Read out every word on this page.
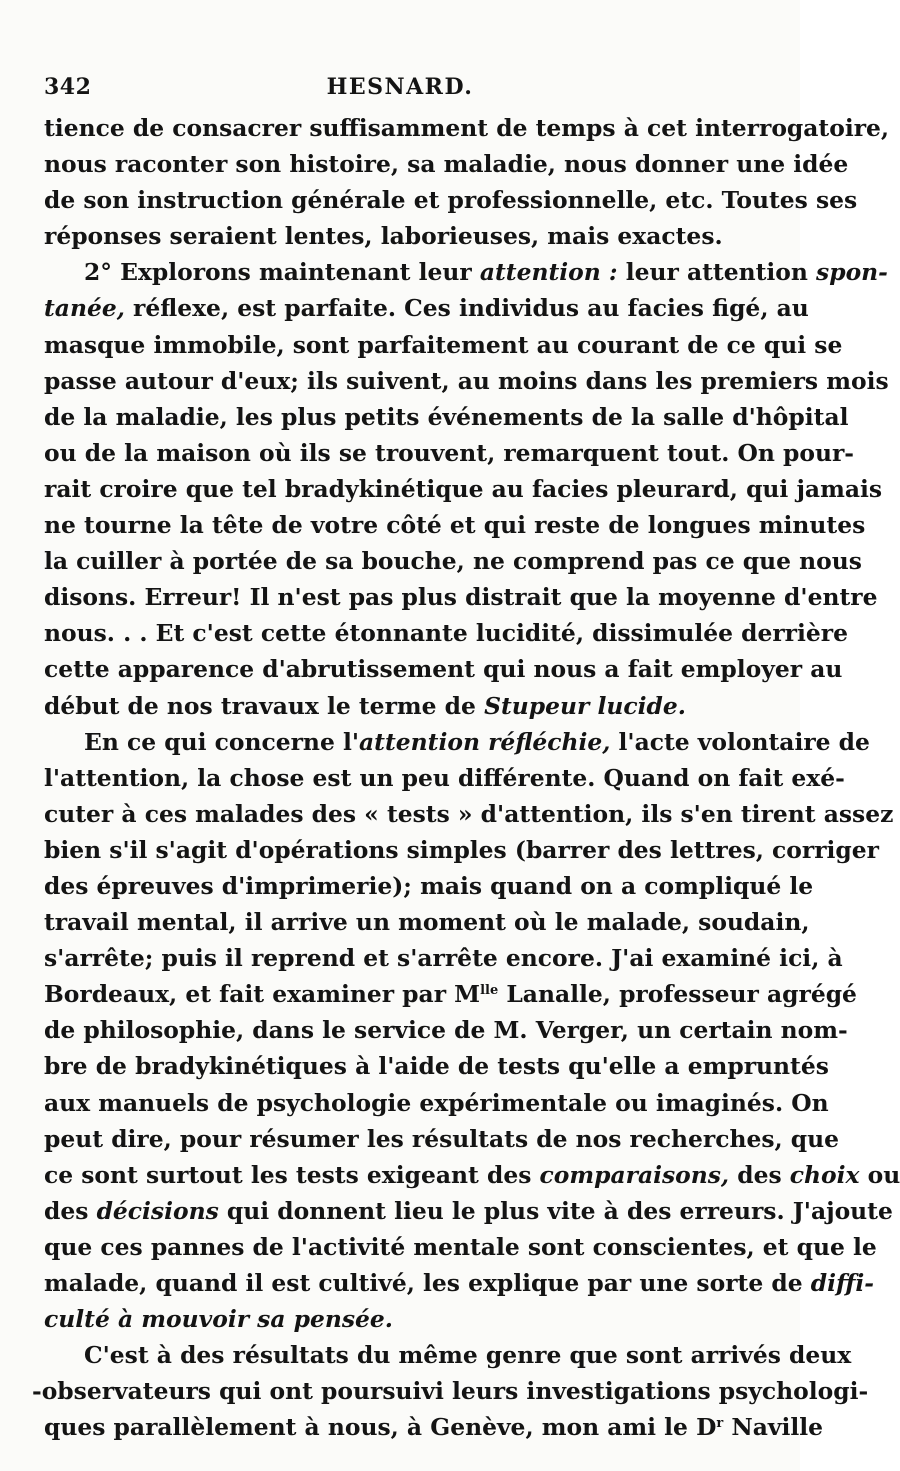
342	HESNARD.
tience de consacrer suffisamment de temps à cet interrogatoire,
nous raconter son histoire, sa maladie, nous donner une idée
de son instruction générale et professionnelle, etc. Toutes ses
réponses seraient lentes, laborieuses, mais exactes.
2° Explorons maintenant leur attention : leur attention spon-
tanée, réflexe, est parfaite. Ces individus au facies figé, au
masque immobile, sont parfaitement au courant de ce qui se
passe autour d'eux; ils suivent, au moins dans les premiers mois
de la maladie, les plus petits événements de la salle d'hôpital
ou de la maison où ils se trouvent, remarquent tout. On pour-
rait croire que tel bradykinétique au facies pleurard, qui jamais
ne tourne la tête de votre côté et qui reste de longues minutes
la cuiller à portée de sa bouche, ne comprend pas ce que nous
disons. Erreur! Il n'est pas plus distrait que la moyenne d'entre
nous. . . Et c'est cette étonnante lucidité, dissimulée derrière
cette apparence d'abrutissement qui nous a fait employer au
début de nos travaux le terme de Stupeur lucide.
En ce qui concerne l'attention réfléchie, l'acte volontaire de
l'attention, la chose est un peu différente. Quand on fait exé-
cuter à ces malades des « tests » d'attention, ils s'en tirent assez
bien s'il s'agit d'opérations simples (barrer des lettres, corriger
des épreuves d'imprimerie); mais quand on a compliqué le
travail mental, il arrive un moment où le malade, soudain,
s'arrête; puis il reprend et s'arrête encore. J'ai examiné ici, à
Bordeaux, et fait examiner par $M^{lle}$ Lanalle, professeur agrégé
de philosophie, dans le service de M. Verger, un certain nom-
bre de bradykinétiques à l'aide de tests qu'elle a empruntés
aux manuels de psychologie expérimentale ou imaginés. On
peut dire, pour résumer les résultats de nos recherches, que
ce sont surtout les tests exigeant des comparaisons, des choix ou
des décisions qui donnent lieu le plus vite à des erreurs. J'ajoute
que ces pannes de l'activité mentale sont conscientes, et que le
malade, quand il est cultivé, les explique par une sorte de diffi-
culté à mouvoir sa pensée.
C'est à des résultats du même genre que sont arrivés deux
-observateurs qui ont poursuivi leurs investigations psychologi-
ques parallèlement à nous, à Genève, mon ami le $D^r$ Naville
